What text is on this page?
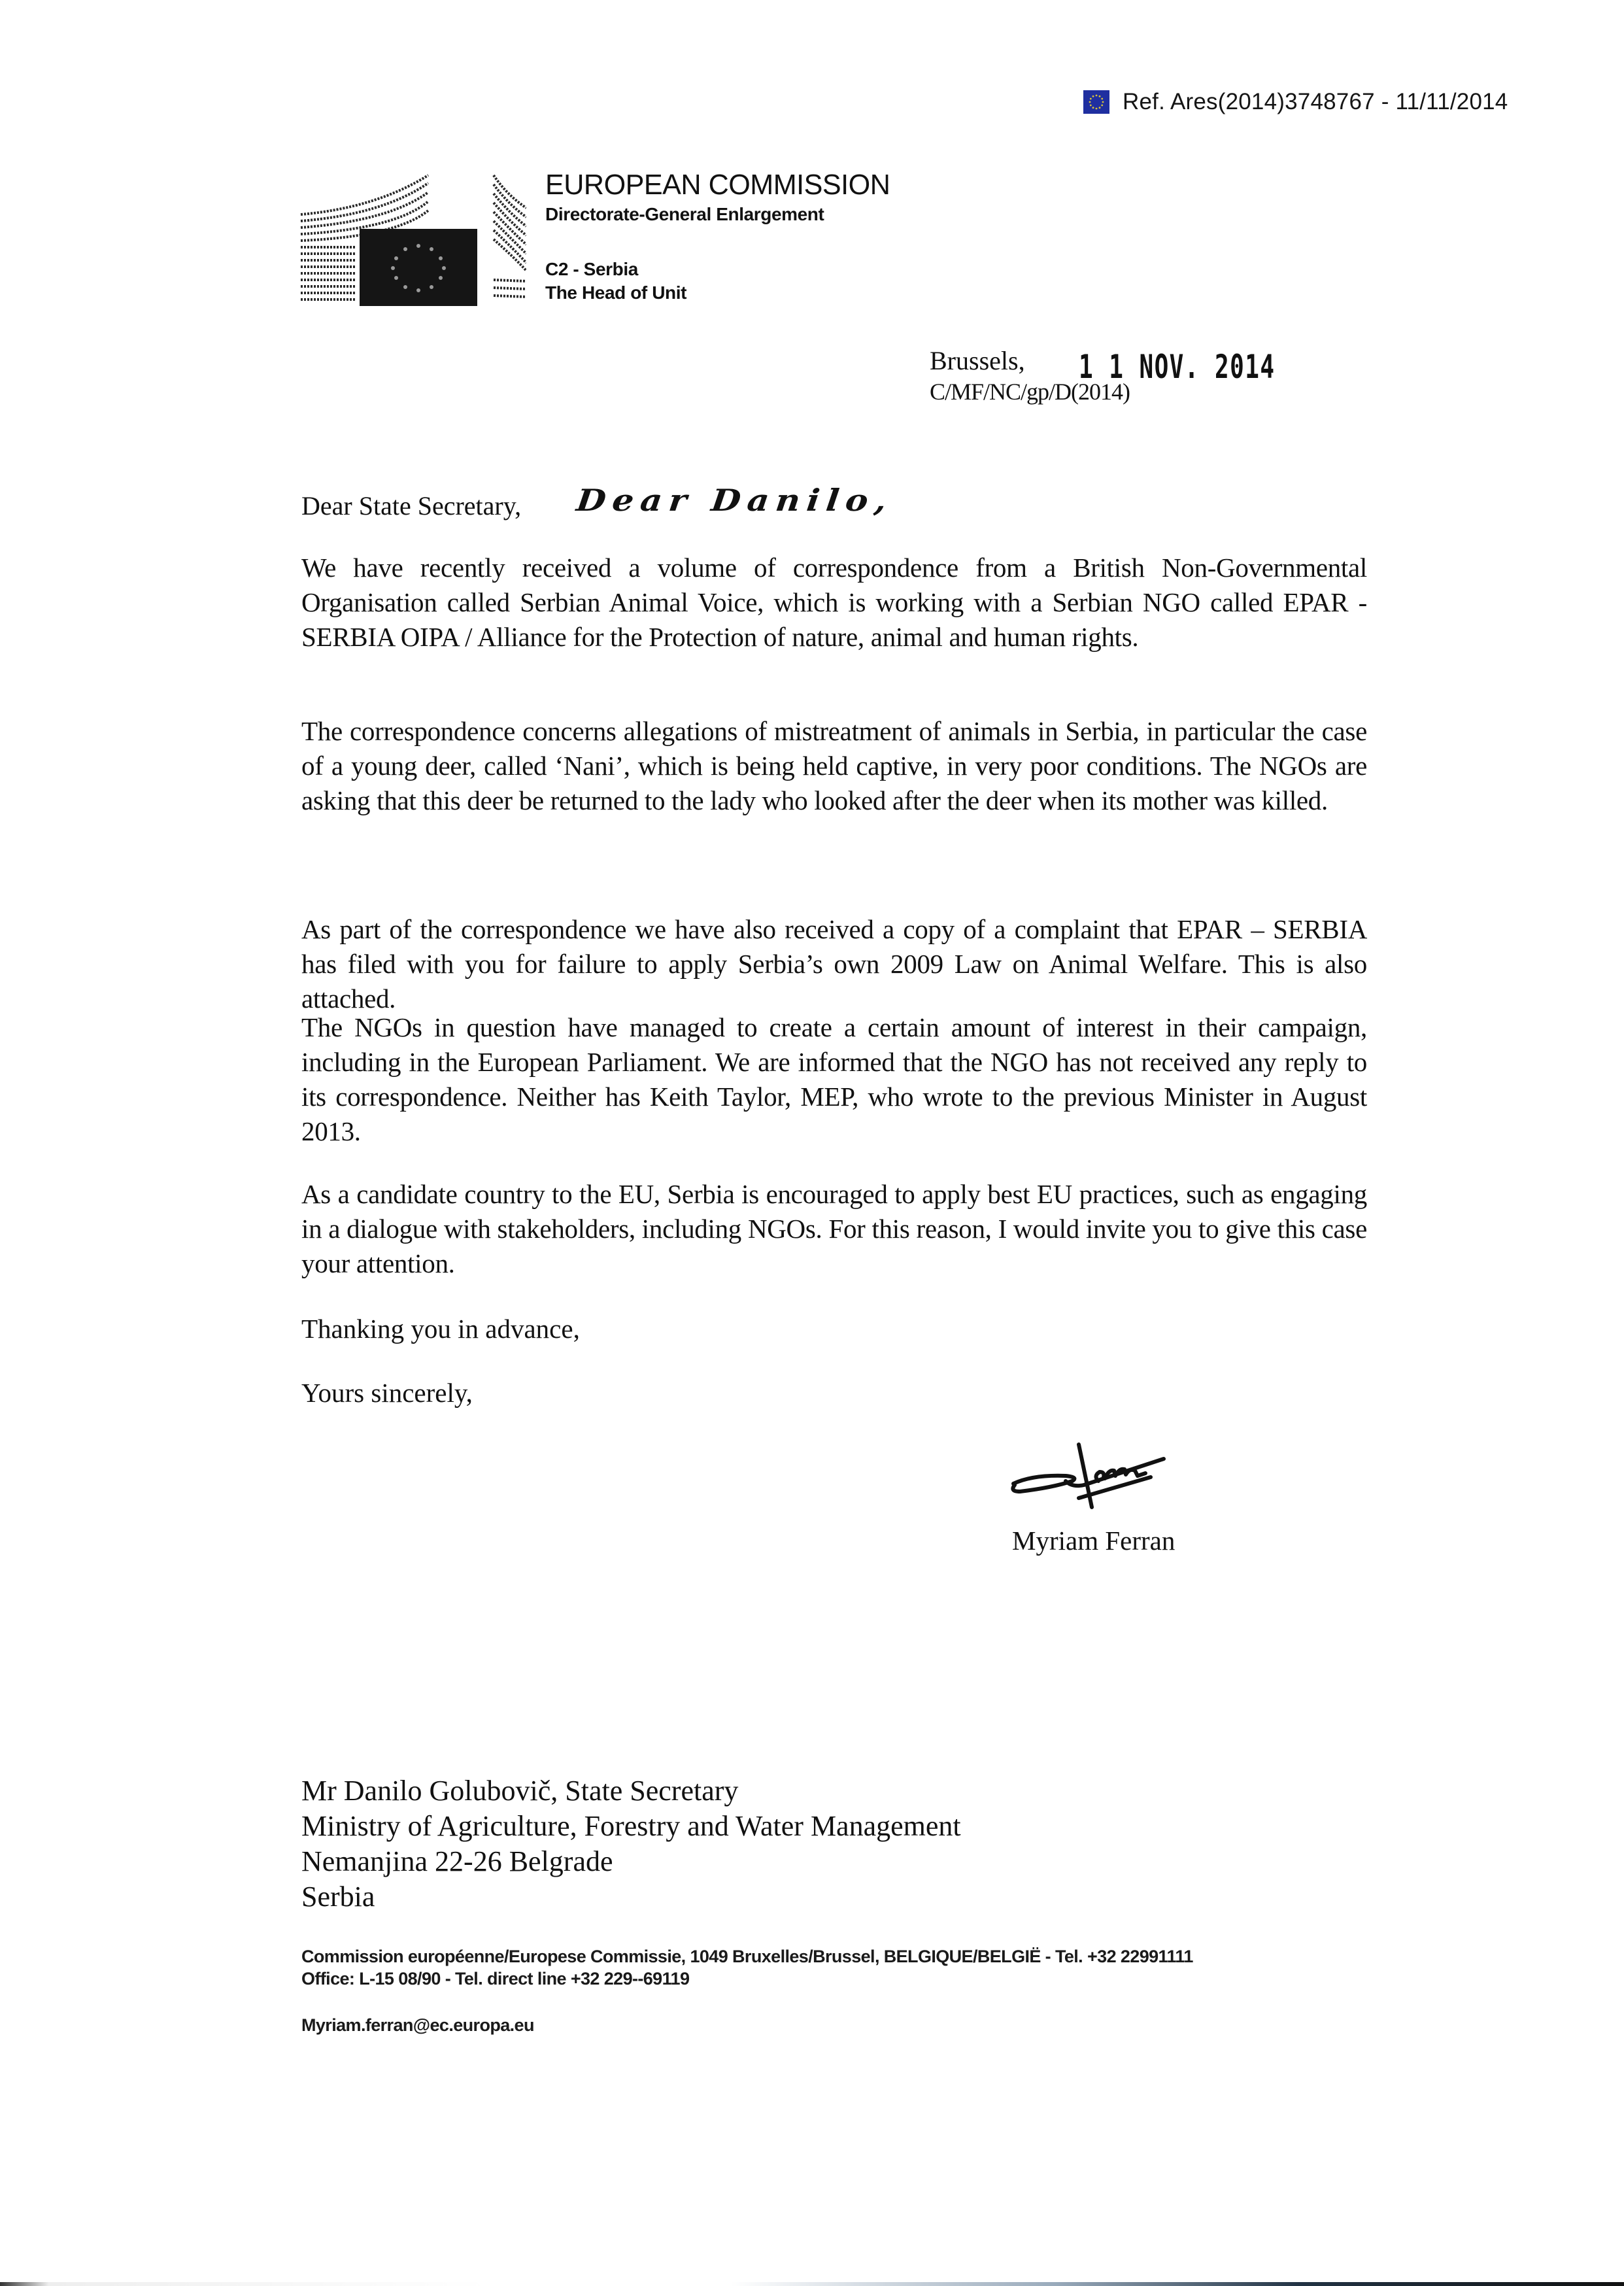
Ref. Ares(2014)3748767 - 11/11/2014
EUROPEAN COMMISSION
Directorate-General Enlargement
C2 - Serbia
The Head of Unit
Brussels, 1 1 NOV. 2014
C/MF/NC/gp/D(2014)
Dear State Secretary, Dear Danilo,
We have recently received a volume of correspondence from a British Non-Governmental Organisation called Serbian Animal Voice, which is working with a Serbian NGO called EPAR - SERBIA OIPA / Alliance for the Protection of nature, animal and human rights.
The correspondence concerns allegations of mistreatment of animals in Serbia, in particular the case of a young deer, called ‘Nani’, which is being held captive, in very poor conditions. The NGOs are asking that this deer be returned to the lady who looked after the deer when its mother was killed.
As part of the correspondence we have also received a copy of a complaint that EPAR – SERBIA has filed with you for failure to apply Serbia’s own 2009 Law on Animal Welfare. This is also attached.
The NGOs in question have managed to create a certain amount of interest in their campaign, including in the European Parliament. We are informed that the NGO has not received any reply to its correspondence. Neither has Keith Taylor, MEP, who wrote to the previous Minister in August 2013.
As a candidate country to the EU, Serbia is encouraged to apply best EU practices, such as engaging in a dialogue with stakeholders, including NGOs. For this reason, I would invite you to give this case your attention.
Thanking you in advance,
Yours sincerely,
Myriam Ferran
Mr Danilo Golubovič, State Secretary
Ministry of Agriculture, Forestry and Water Management
Nemanjina 22-26 Belgrade
Serbia
Commission européenne/Europese Commissie, 1049 Bruxelles/Brussel, BELGIQUE/BELGIË - Tel. +32 22991111
Office: L-15 08/90 - Tel. direct line +32 229--69119
Myriam.ferran@ec.europa.eu
